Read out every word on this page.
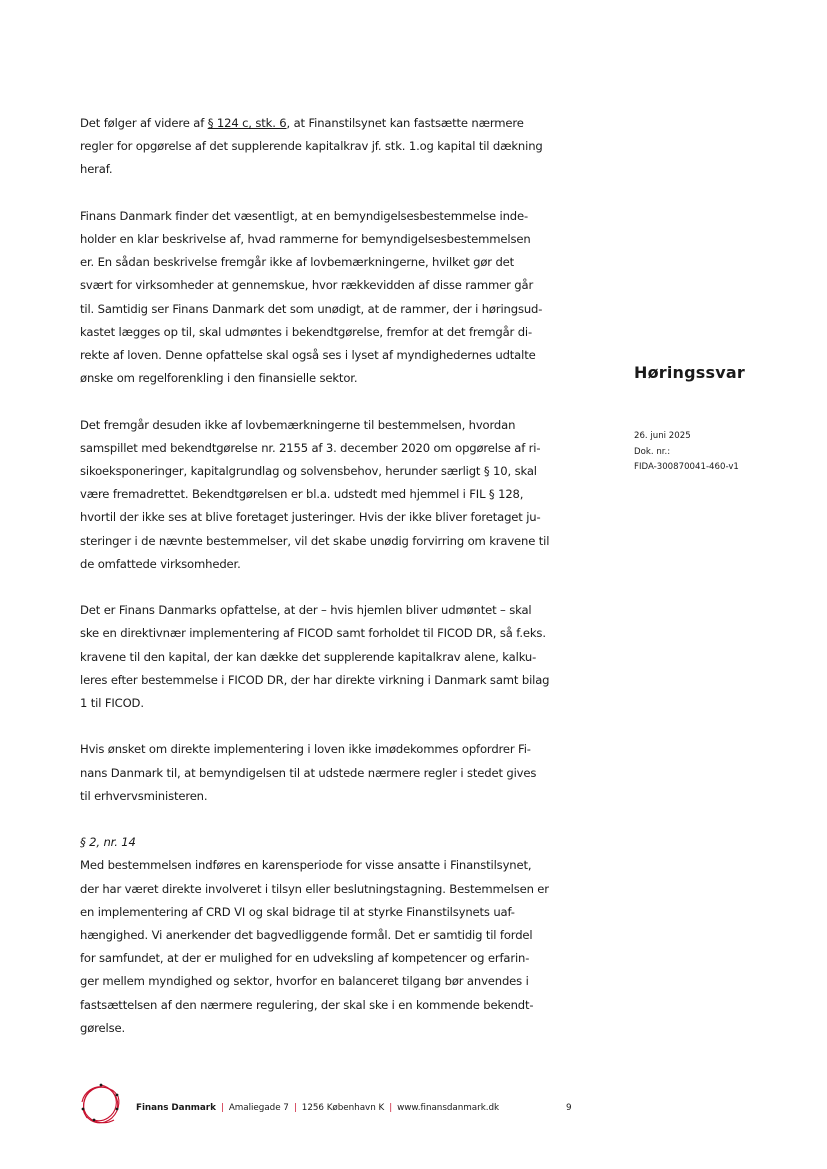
Det følger af videre af § 124 c, stk. 6, at Finanstilsynet kan fastsætte nærmere
regler for opgørelse af det supplerende kapitalkrav jf. stk. 1.og kapital til dækning
heraf.

Finans Danmark finder det væsentligt, at en bemyndigelsesbestemmelse inde-
holder en klar beskrivelse af, hvad rammerne for bemyndigelsesbestemmelsen
er. En sådan beskrivelse fremgår ikke af lovbemærkningerne, hvilket gør det
svært for virksomheder at gennemskue, hvor rækkevidden af disse rammer går
til. Samtidig ser Finans Danmark det som unødigt, at de rammer, der i høringsud-
kastet lægges op til, skal udmøntes i bekendtgørelse, fremfor at det fremgår di-
rekte af loven. Denne opfattelse skal også ses i lyset af myndighedernes udtalte
ønske om regelforenkling i den finansielle sektor.

Det fremgår desuden ikke af lovbemærkningerne til bestemmelsen, hvordan
samspillet med bekendtgørelse nr. 2155 af 3. december 2020 om opgørelse af ri-
sikoeksponeringer, kapitalgrundlag og solvensbehov, herunder særligt § 10, skal
være fremadrettet. Bekendtgørelsen er bl.a. udstedt med hjemmel i FIL § 128,
hvortil der ikke ses at blive foretaget justeringer. Hvis der ikke bliver foretaget ju-
steringer i de nævnte bestemmelser, vil det skabe unødig forvirring om kravene til
de omfattede virksomheder.

Det er Finans Danmarks opfattelse, at der – hvis hjemlen bliver udmøntet – skal
ske en direktivnær implementering af FICOD samt forholdet til FICOD DR, så f.eks.
kravene til den kapital, der kan dække det supplerende kapitalkrav alene, kalku-
leres efter bestemmelse i FICOD DR, der har direkte virkning i Danmark samt bilag
1 til FICOD.

Hvis ønsket om direkte implementering i loven ikke imødekommes opfordrer Fi-
nans Danmark til, at bemyndigelsen til at udstede nærmere regler i stedet gives
til erhvervsministeren.

§ 2, nr. 14
Med bestemmelsen indføres en karensperiode for visse ansatte i Finanstilsynet,
der har været direkte involveret i tilsyn eller beslutningstagning. Bestemmelsen er
en implementering af CRD VI og skal bidrage til at styrke Finanstilsynets uaf-
hængighed. Vi anerkender det bagvedliggende formål. Det er samtidig til fordel
for samfundet, at der er mulighed for en udveksling af kompetencer og erfarin-
ger mellem myndighed og sektor, hvorfor en balanceret tilgang bør anvendes i
fastsættelsen af den nærmere regulering, der skal ske i en kommende bekendt-
gørelse.

Høringssvar
26. juni 2025
Dok. nr.:
FIDA-300870041-460-v1
Finans Danmark | Amaliegade 7 | 1256 København K | www.finansdanmark.dk	9
